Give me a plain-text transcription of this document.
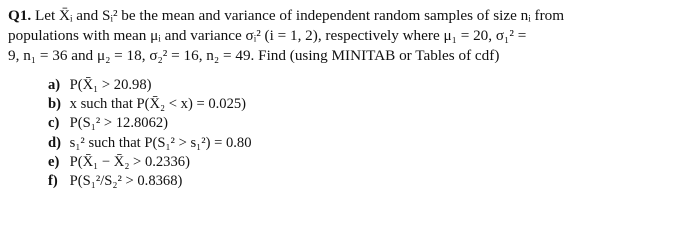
Q1. Let X̄ᵢ and Sᵢ² be the mean and variance of independent random samples of size nᵢ from
populations with mean μᵢ and variance σᵢ² (i = 1, 2), respectively where μ₁ = 20, σ₁² =
9, n₁ = 36 and μ₂ = 18, σ₂² = 16, n₂ = 49. Find (using MINITAB or Tables of cdf)
a) P(X̄₁ > 20.98)
b) x such that P(X̄₂ < x) = 0.025)
c) P(S₁² > 12.8062)
d) s₁² such that P(S₁² > s₁²) = 0.80
e) P(X̄₁ − X̄₂ > 0.2336)
f) P(S₁²/S₂² > 0.8368)
